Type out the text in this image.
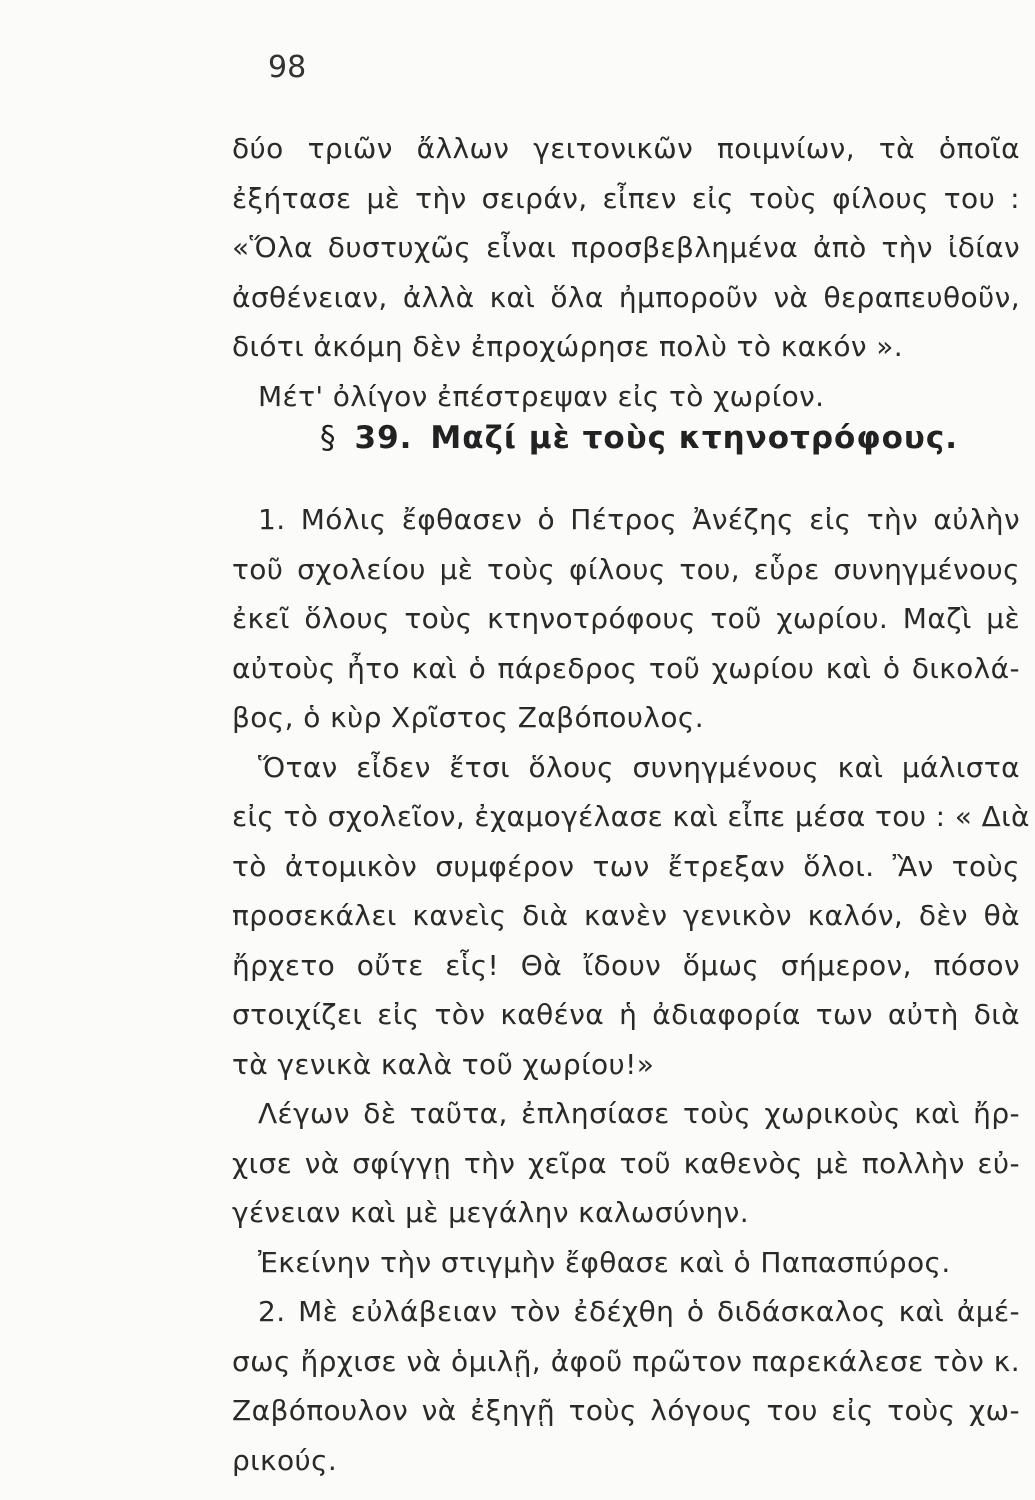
98
δύο τριῶν ἄλλων γειτονικῶν ποιμνίων, τὰ ὁποῖα
ἐξήτασε μὲ τὴν σειράν, εἶπεν εἰς τοὺς φίλους του :
«Ὅλα δυστυχῶς εἶναι προσβεβλημένα ἀπὸ τὴν ἰδίαν
ἀσθένειαν, ἀλλὰ καὶ ὅλα ἠμποροῦν νὰ θεραπευθοῦν,
διότι ἀκόμη δὲν ἐπροχώρησε πολὺ τὸ κακόν ».
Μέτ' ὀλίγον ἐπέστρεψαν εἰς τὸ χωρίον.
§ 39. Μαζί μὲ τοὺς κτηνοτρόφους.
1. Μόλις ἔφθασεν ὁ Πέτρος Ἀνέζης εἰς τὴν αὐλὴν
τοῦ σχολείου μὲ τοὺς φίλους του, εὗρε συνηγμένους
ἐκεῖ ὅλους τοὺς κτηνοτρόφους τοῦ χωρίου. Μαζὶ μὲ
αὐτοὺς ἦτο καὶ ὁ πάρεδρος τοῦ χωρίου καὶ ὁ δικολά-
βος, ὁ κὺρ Χρῖστος Ζαβόπουλος.
Ὅταν εἶδεν ἔτσι ὅλους συνηγμένους καὶ μάλιστα
εἰς τὸ σχολεῖον, ἐχαμογέλασε καὶ εἶπε μέσα του : « Διὰ
τὸ ἀτομικὸν συμφέρον των ἔτρεξαν ὅλοι. Ἂν τοὺς
προσεκάλει κανεὶς διὰ κανὲν γενικὸν καλόν, δὲν θὰ
ἤρχετο οὔτε εἷς! Θὰ ἴδουν ὅμως σήμερον, πόσον
στοιχίζει εἰς τὸν καθένα ἡ ἀδιαφορία των αὐτὴ διὰ
τὰ γενικὰ καλὰ τοῦ χωρίου!»
Λέγων δὲ ταῦτα, ἐπλησίασε τοὺς χωρικοὺς καὶ ἤρ-
χισε νὰ σφίγγῃ τὴν χεῖρα τοῦ καθενὸς μὲ πολλὴν εὐ-
γένειαν καὶ μὲ μεγάλην καλωσύνην.
Ἐκείνην τὴν στιγμὴν ἔφθασε καὶ ὁ Παπασπύρος.
2. Μὲ εὐλάβειαν τὸν ἐδέχθη ὁ διδάσκαλος καὶ ἀμέ-
σως ἤρχισε νὰ ὁμιλῇ, ἀφοῦ πρῶτον παρεκάλεσε τὸν κ.
Ζαβόπουλον νὰ ἐξηγῇ τοὺς λόγους του εἰς τοὺς χω-
ρικούς.
